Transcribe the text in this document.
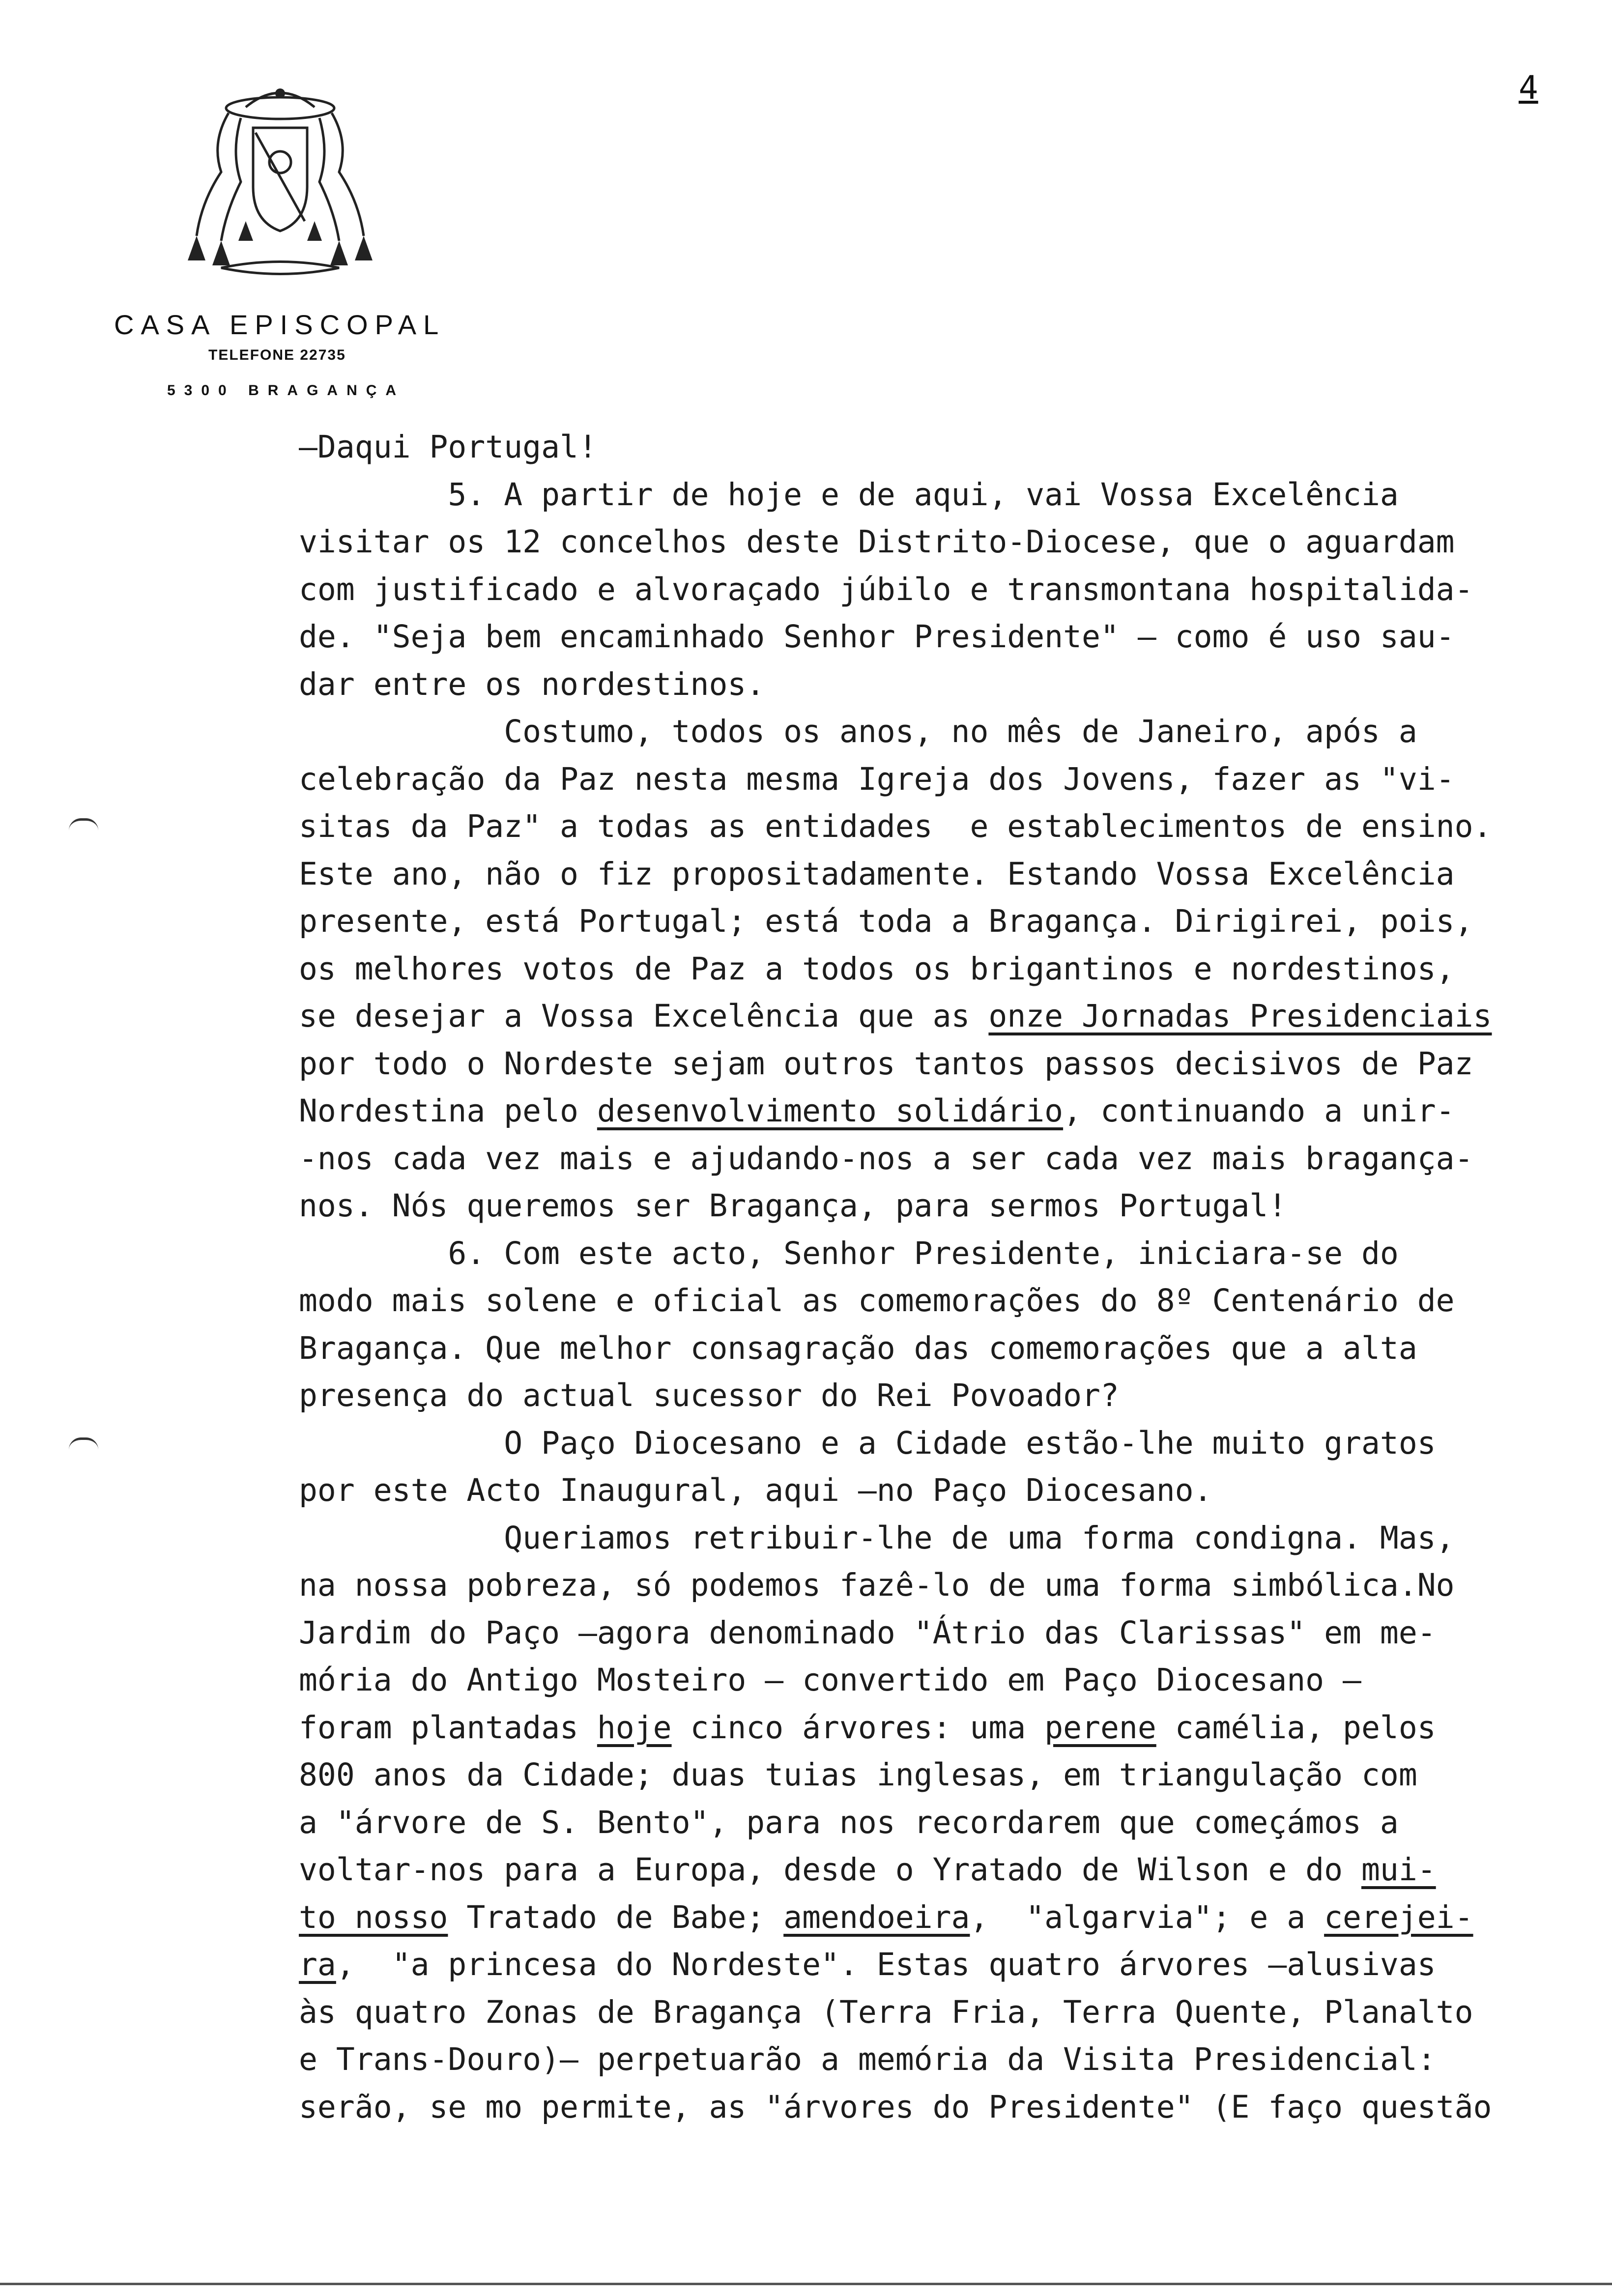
CASA EPISCOPAL
TELEFONE 22735
5300 BRAGANÇA
4
—Daqui Portugal!
5. A partir de hoje e de aqui, vai Vossa Excelência
visitar os 12 concelhos deste Distrito-Diocese, que o aguardam
com justificado e alvoraçado júbilo e transmontana hospitalida-
de. "Seja bem encaminhado Senhor Presidente" — como é uso sau-
dar entre os nordestinos.
Costumo, todos os anos, no mês de Janeiro, após a
celebração da Paz nesta mesma Igreja dos Jovens, fazer as "vi-
sitas da Paz" a todas as entidades  e establecimentos de ensino.
Este ano, não o fiz propositadamente. Estando Vossa Excelência
presente, está Portugal; está toda a Bragança. Dirigirei, pois,
os melhores votos de Paz a todos os brigantinos e nordestinos,
se desejar a Vossa Excelência que as onze Jornadas Presidenciais
por todo o Nordeste sejam outros tantos passos decisivos de Paz
Nordestina pelo desenvolvimento solidário, continuando a unir-
-nos cada vez mais e ajudando-nos a ser cada vez mais bragança-
nos. Nós queremos ser Bragança, para sermos Portugal!
6. Com este acto, Senhor Presidente, iniciara-se do
modo mais solene e oficial as comemorações do 8º Centenário de
Bragança. Que melhor consagração das comemorações que a alta
presença do actual sucessor do Rei Povoador?
O Paço Diocesano e a Cidade estão-lhe muito gratos
por este Acto Inaugural, aqui —no Paço Diocesano.
Queriamos retribuir-lhe de uma forma condigna. Mas,
na nossa pobreza, só podemos fazê-lo de uma forma simbólica.No
Jardim do Paço —agora denominado "Átrio das Clarissas" em me-
mória do Antigo Mosteiro — convertido em Paço Diocesano —
foram plantadas hoje cinco árvores: uma perene camélia, pelos
800 anos da Cidade; duas tuias inglesas, em triangulação com
a "árvore de S. Bento", para nos recordarem que começámos a
voltar-nos para a Europa, desde o Yratado de Wilson e do mui-
to nosso Tratado de Babe; amendoeira,  "algarvia"; e a cerejei-
ra,  "a princesa do Nordeste". Estas quatro árvores —alusivas
às quatro Zonas de Bragança (Terra Fria, Terra Quente, Planalto
e Trans-Douro)— perpetuarão a memória da Visita Presidencial:
serão, se mo permite, as "árvores do Presidente" (E faço questão
